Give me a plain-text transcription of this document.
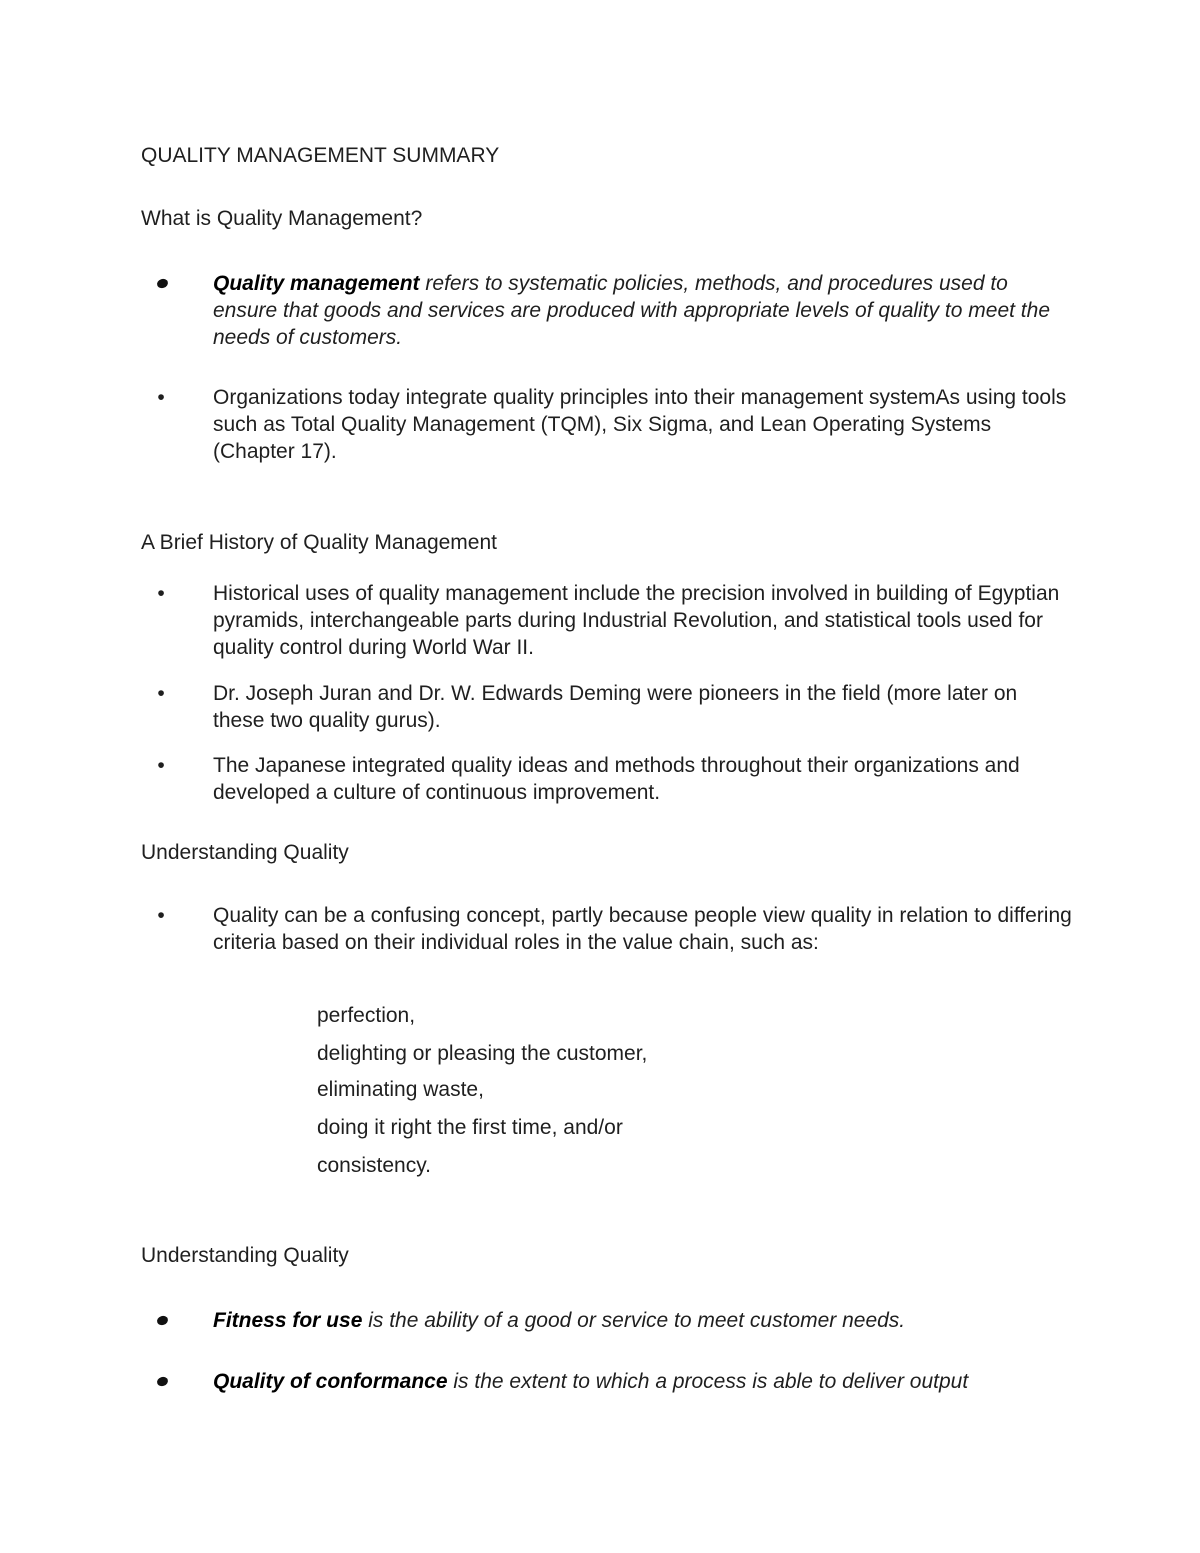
QUALITY MANAGEMENT SUMMARY
What is Quality Management?
Quality management refers to systematic policies, methods, and procedures used to ensure that goods and services are produced with appropriate levels of quality to meet the needs of customers.
• Organizations today integrate quality principles into their management systemAs using tools such as Total Quality Management (TQM), Six Sigma, and Lean Operating Systems (Chapter 17).
A Brief History of Quality Management
• Historical uses of quality management include the precision involved in building of Egyptian pyramids, interchangeable parts during Industrial Revolution, and statistical tools used for quality control during World War II.
• Dr. Joseph Juran and Dr. W. Edwards Deming were pioneers in the field (more later on these two quality gurus).
• The Japanese integrated quality ideas and methods throughout their organizations and developed a culture of continuous improvement.
Understanding Quality
• Quality can be a confusing concept, partly because people view quality in relation to differing criteria based on their individual roles in the value chain, such as:
perfection,
delighting or pleasing the customer,
eliminating waste,
doing it right the first time, and/or
consistency.
Understanding Quality
Fitness for use is the ability of a good or service to meet customer needs.
Quality of conformance is the extent to which a process is able to deliver output
